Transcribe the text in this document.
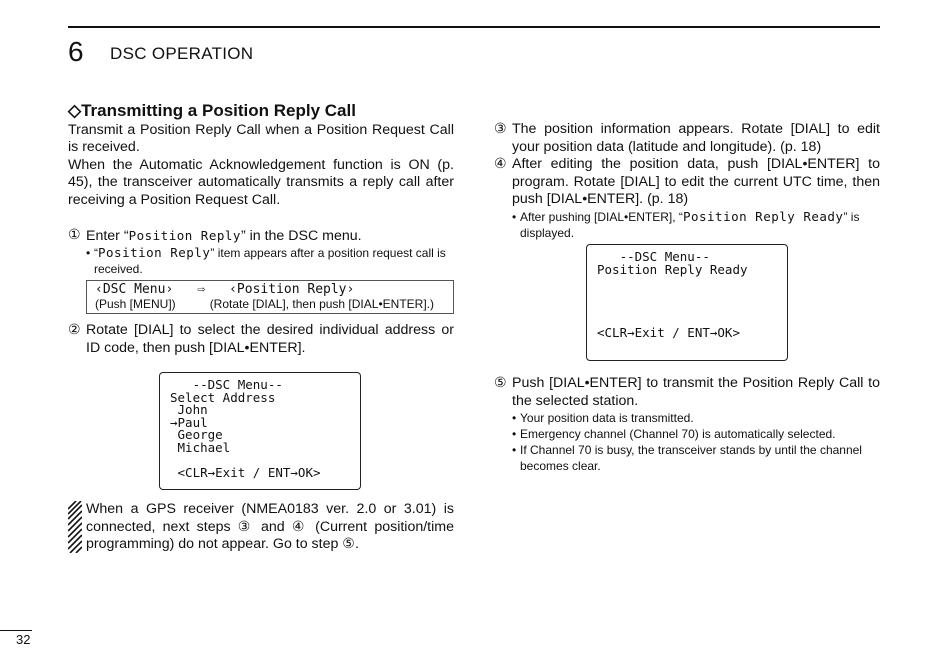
6 DSC OPERATION
◇Transmitting a Position Reply Call

Transmit a Position Reply Call when a Position Request Call is received.

When the Automatic Acknowledgement function is ON (p. 45), the transceiver automatically transmits a reply call after receiving a Position Request Call.

① Enter “Position Reply” in the DSC menu.
• “Position Reply” item appears after a position request call is received.
‹DSC Menu› ⇨ ‹Position Reply›
(Push [MENU])	(Rotate [DIAL], then push [DIAL•ENTER].)
② Rotate [DIAL] to select the desired individual address or ID code, then push [DIAL•ENTER].
--DSC Menu--
Select Address
John
→Paul
George
Michael

<CLR→Exit / ENT→OK>

When a GPS receiver (NMEA0183 ver. 2.0 or 3.01) is connected, next steps ③ and ④ (Current position/time programming) do not appear. Go to step ⑤.

③ The position information appears. Rotate [DIAL] to edit your position data (latitude and longitude). (p. 18)
④ After editing the position data, push [DIAL•ENTER] to program. Rotate [DIAL] to edit the current UTC time, then push [DIAL•ENTER]. (p. 18)
• After pushing [DIAL•ENTER], “Position Reply Ready” is displayed.
--DSC Menu--
Position Reply Ready

<CLR→Exit / ENT→OK>
⑤ Push [DIAL•ENTER] to transmit the Position Reply Call to the selected station.
• Your position data is transmitted.
• Emergency channel (Channel 70) is automatically selected.
• If Channel 70 is busy, the transceiver stands by until the channel becomes clear.
32
